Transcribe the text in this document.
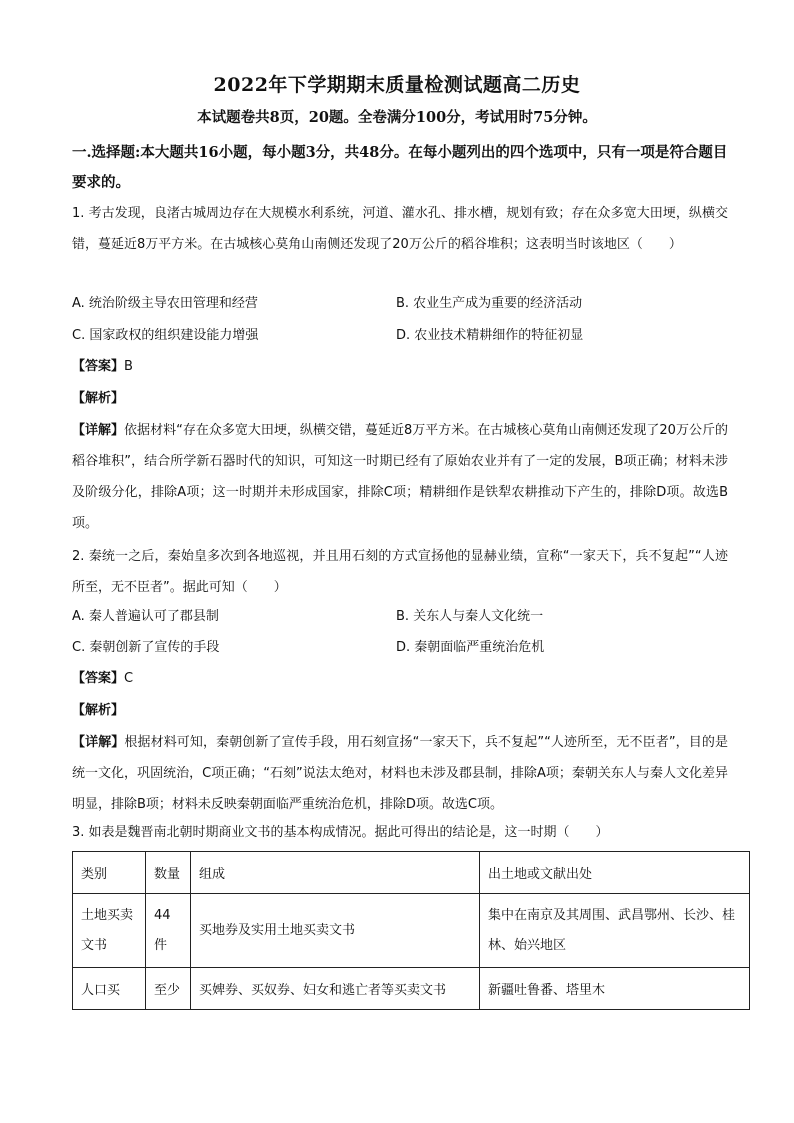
2022年下学期期末质量检测试题高二历史
本试题卷共8页，20题。全卷满分100分，考试用时75分钟。
一.选择题:本大题共16小题，每小题3分，共48分。在每小题列出的四个选项中，只有一项是符合题目要求的。
1. 考古发现，良渚古城周边存在大规模水利系统，河道、灌水孔、排水槽，规划有致；存在众多宽大田埂，纵横交错，蔓延近8万平方米。在古城核心莫角山南侧还发现了20万公斤的稻谷堆积；这表明当时该地区（　　）
A. 统治阶级主导农田管理和经营	B. 农业生产成为重要的经济活动
C. 国家政权的组织建设能力增强	D. 农业技术精耕细作的特征初显
【答案】B
【解析】
【详解】依据材料“存在众多宽大田埂，纵横交错，蔓延近8万平方米。在古城核心莫角山南侧还发现了20万公斤的稻谷堆积”，结合所学新石器时代的知识，可知这一时期已经有了原始农业并有了一定的发展，B项正确；材料未涉及阶级分化，排除A项；这一时期并未形成国家，排除C项；精耕细作是铁犁农耕推动下产生的，排除D项。故选B项。
2. 秦统一之后，秦始皇多次到各地巡视，并且用石刻的方式宣扬他的显赫业绩，宣称“一家天下，兵不复起”“人迹所至，无不臣者”。据此可知（　　）
A. 秦人普遍认可了郡县制	B. 关东人与秦人文化统一
C. 秦朝创新了宣传的手段	D. 秦朝面临严重统治危机
【答案】C
【解析】
【详解】根据材料可知，秦朝创新了宣传手段，用石刻宣扬“一家天下，兵不复起”“人迹所至，无不臣者”，目的是统一文化，巩固统治，C项正确；“石刻”说法太绝对，材料也未涉及郡县制，排除A项；秦朝关东人与秦人文化差异明显，排除B项；材料未反映秦朝面临严重统治危机，排除D项。故选C项。
3. 如表是魏晋南北朝时期商业文书的基本构成情况。据此可得出的结论是，这一时期（　　）
类别	数量	组成	出土地或文献出处
土地买卖文书	44件	买地券及实用土地买卖文书	集中在南京及其周围、武昌鄂州、长沙、桂林、始兴地区
人口买	至少	买婢券、买奴券、妇女和逃亡者等买卖文书	新疆吐鲁番、塔里木
